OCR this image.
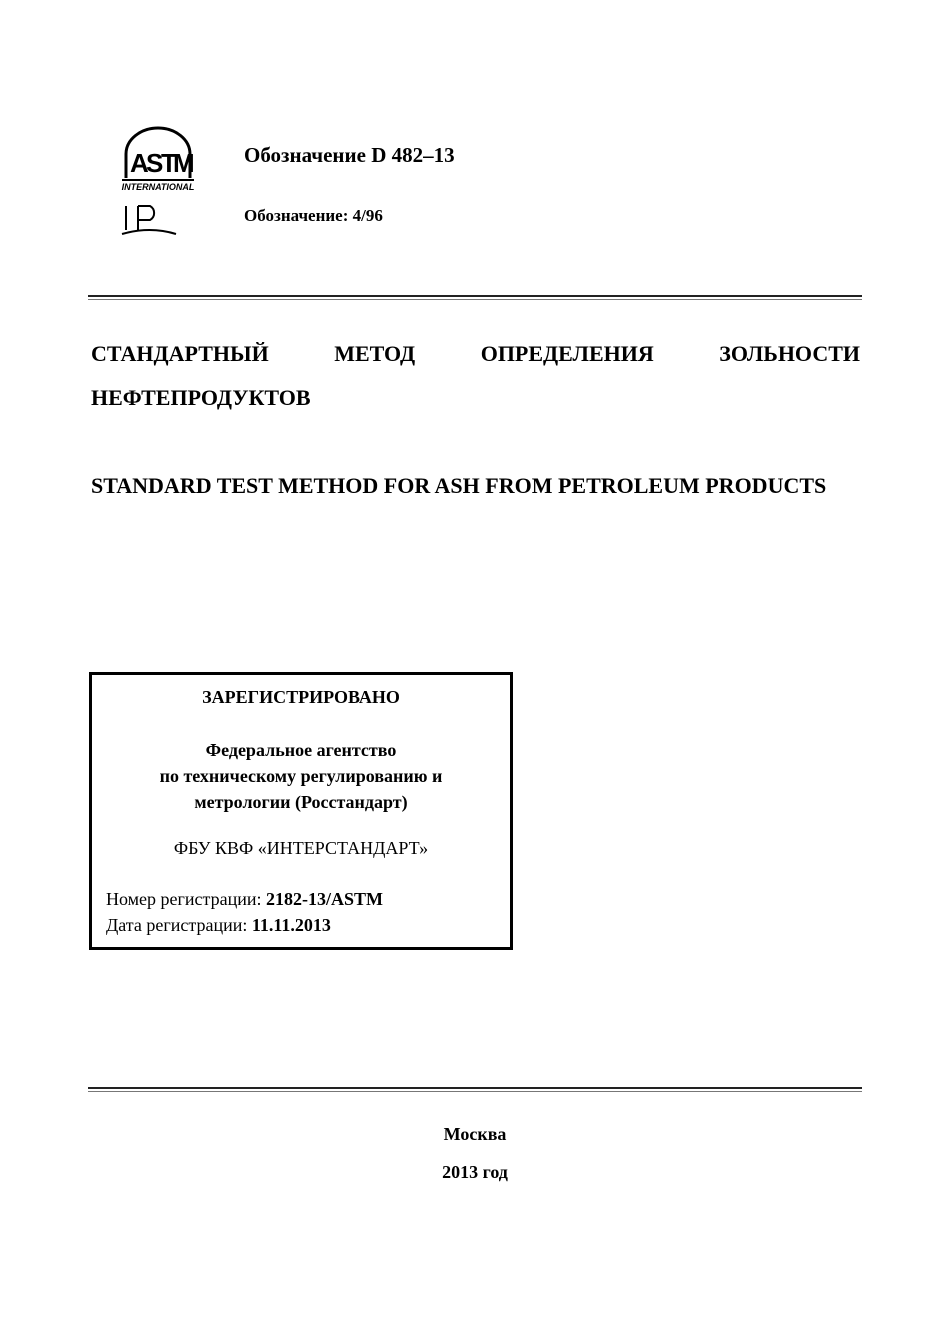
A
S
T
M
INTERNATIONAL
Обозначение D 482–13
Обозначение: 4/96
СТАНДАРТНЫЙ МЕТОД ОПРЕДЕЛЕНИЯ ЗОЛЬНОСТИ НЕФТЕПРОДУКТОВ
STANDARD TEST METHOD FOR ASH FROM PETROLEUM PRODUCTS
ЗАРЕГИСТРИРОВАНО
Федеральное агентство
по техническому регулированию и
метрологии (Росстандарт)
ФБУ КВФ «ИНТЕРСТАНДАРТ»
Номер регистрации: 2182-13/ASTM
Дата регистрации: 11.11.2013
Москва
2013 год
